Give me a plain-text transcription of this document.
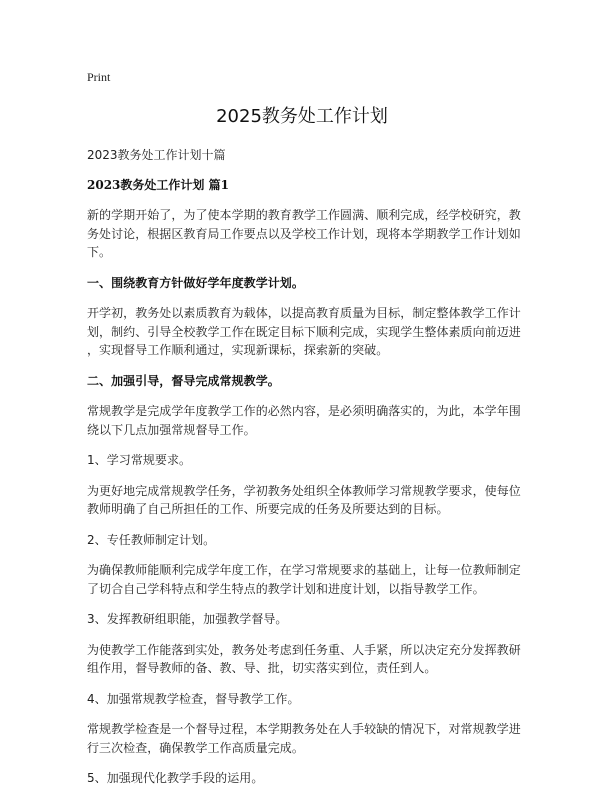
Print
2025教务处工作计划
2023教务处工作计划十篇
2023教务处工作计划 篇1
新的学期开始了，为了使本学期的教育教学工作圆满、顺利完成，经学校研究，教
务处讨论，根据区教育局工作要点以及学校工作计划，现将本学期教学工作计划如
下。
一、围绕教育方针做好学年度教学计划。
开学初，教务处以素质教育为载体，以提高教育质量为目标，制定整体教学工作计
划，制约、引导全校教学工作在既定目标下顺利完成，实现学生整体素质向前迈进
，实现督导工作顺利通过，实现新课标，探索新的突破。
二、加强引导，督导完成常规教学。
常规教学是完成学年度教学工作的必然内容，是必须明确落实的，为此，本学年围
绕以下几点加强常规督导工作。
1、学习常规要求。
为更好地完成常规教学任务，学初教务处组织全体教师学习常规教学要求，使每位
教师明确了自己所担任的工作、所要完成的任务及所要达到的目标。
2、专任教师制定计划。
为确保教师能顺利完成学年度工作，在学习常规要求的基础上，让每一位教师制定
了切合自己学科特点和学生特点的教学计划和进度计划，以指导教学工作。
3、发挥教研组职能，加强教学督导。
为使教学工作能落到实处，教务处考虑到任务重、人手紧，所以决定充分发挥教研
组作用，督导教师的备、教、导、批，切实落实到位，责任到人。
4、加强常规教学检查，督导教学工作。
常规教学检查是一个督导过程，本学期教务处在人手较缺的情况下，对常规教学进
行三次检查，确保教学工作高质量完成。
5、加强现代化教学手段的运用。
